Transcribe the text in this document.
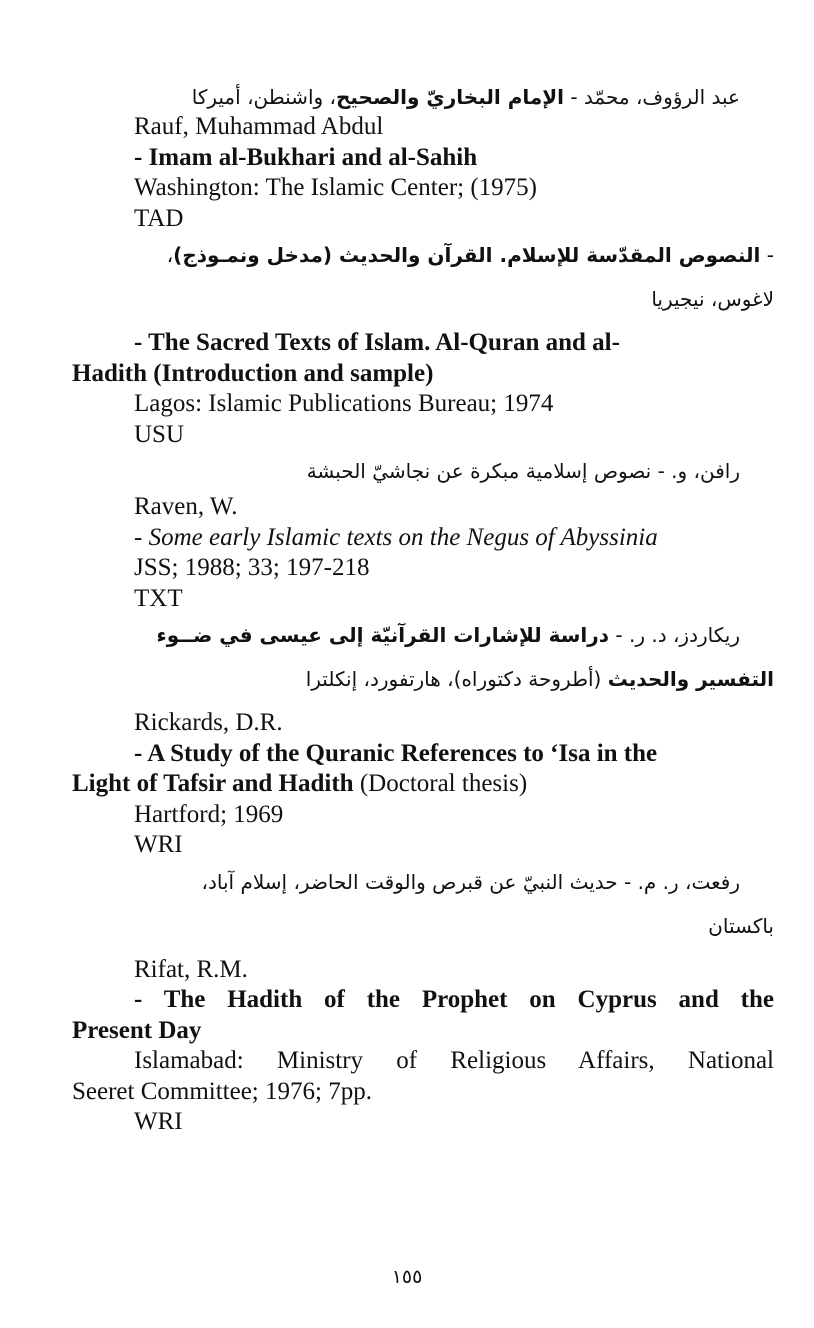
عبد الرؤوف، محمّد - الإمام البخاريّ والصحيح، واشنطن، أميركا
Rauf, Muhammad Abdul
- Imam al-Bukhari and al-Sahih
Washington: The Islamic Center; (1975)
TAD
- النصوص المقدّسة للإسلام. القرآن والحديث (مدخل ونمـوذج)،
لاغوس، نيجيريا
- The Sacred Texts of Islam. Al-Quran and al-
Hadith (Introduction and sample)
Lagos: Islamic Publications Bureau; 1974
USU
رافن، و. - نصوص إسلامية مبكرة عن نجاشيّ الحبشة
Raven, W.
- Some early Islamic texts on the Negus of Abyssinia
JSS; 1988; 33; 197-218
TXT
ريكاردز، د. ر. - دراسة للإشارات القرآنيّة إلى عيسى في ضــوء
التفسير والحديث (أطروحة دكتوراه)، هارتفورد، إنكلترا
Rickards, D.R.
- A Study of the Quranic References to ‘Isa in the
Light of Tafsir and Hadith (Doctoral thesis)
Hartford; 1969
WRI
رفعت، ر. م. - حديث النبيّ عن قبرص والوقت الحاضر، إسلام آباد،
باكستان
Rifat, R.M.
- The Hadith of the Prophet on Cyprus and the
Present Day
Islamabad: Ministry of Religious Affairs, National
Seeret Committee; 1976; 7pp.
WRI
١٥٥
